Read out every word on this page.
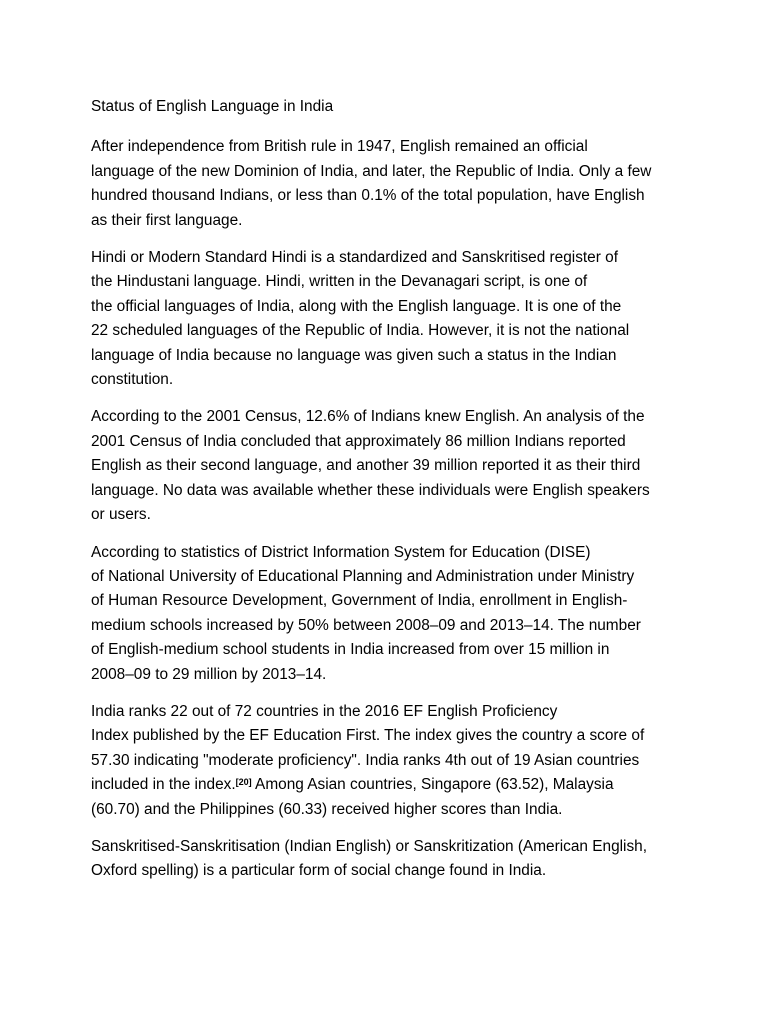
Status of English Language in India
After independence from British rule in 1947, English remained an official
language of the new Dominion of India, and later, the Republic of India. Only a few
hundred thousand Indians, or less than 0.1% of the total population, have English
as their first language.
Hindi or Modern Standard Hindi is a standardized and Sanskritised register of
the Hindustani language. Hindi, written in the Devanagari script, is one of
the official languages of India, along with the English language. It is one of the
22 scheduled languages of the Republic of India. However, it is not the national
language of India because no language was given such a status in the Indian
constitution.
According to the 2001 Census, 12.6% of Indians knew English. An analysis of the
2001 Census of India concluded that approximately 86 million Indians reported
English as their second language, and another 39 million reported it as their third
language. No data was available whether these individuals were English speakers
or users.
According to statistics of District Information System for Education (DISE)
of National University of Educational Planning and Administration under Ministry
of Human Resource Development, Government of India, enrollment in English-
medium schools increased by 50% between 2008–09 and 2013–14. The number
of English-medium school students in India increased from over 15 million in
2008–09 to 29 million by 2013–14.
India ranks 22 out of 72 countries in the 2016 EF English Proficiency
Index published by the EF Education First. The index gives the country a score of
57.30 indicating "moderate proficiency". India ranks 4th out of 19 Asian countries
included in the index.[20] Among Asian countries, Singapore (63.52), Malaysia
(60.70) and the Philippines (60.33) received higher scores than India.
Sanskritised-Sanskritisation (Indian English) or Sanskritization (American English,
Oxford spelling) is a particular form of social change found in India.
